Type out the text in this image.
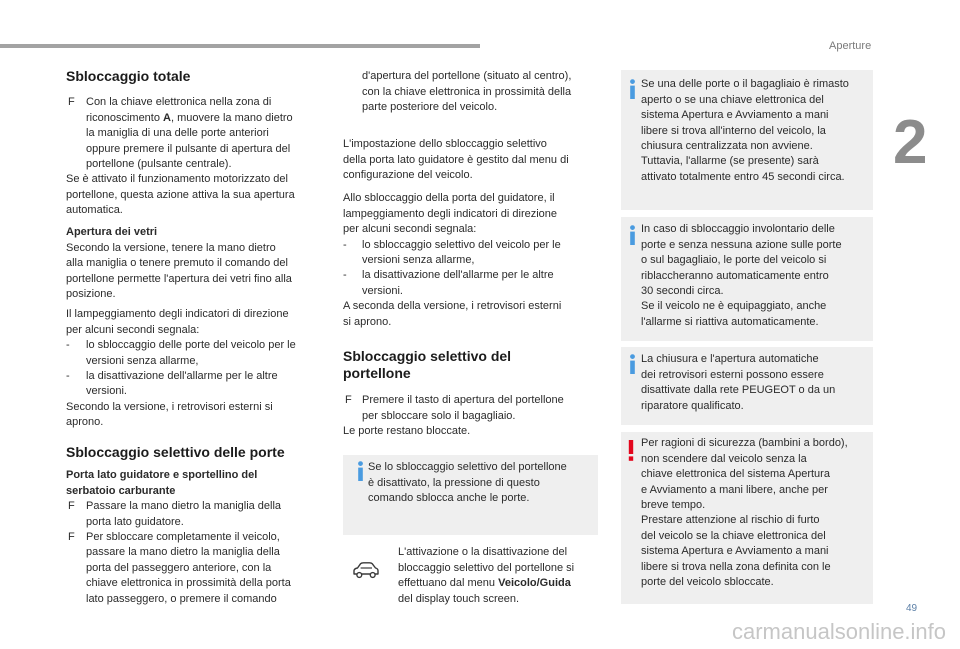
Aperture
2
Sbloccaggio totale
F Con la chiave elettronica nella zona di
riconoscimento A, muovere la mano dietro
la maniglia di una delle porte anteriori
oppure premere il pulsante di apertura del
portellone (pulsante centrale).
Se è attivato il funzionamento motorizzato del
portellone, questa azione attiva la sua apertura
automatica.
Apertura dei vetri
Secondo la versione, tenere la mano dietro
alla maniglia o tenere premuto il comando del
portellone permette l'apertura dei vetri fino alla
posizione.
Il lampeggiamento degli indicatori di direzione
per alcuni secondi segnala:
- lo sbloccaggio delle porte del veicolo per le
versioni senza allarme,
- la disattivazione dell'allarme per le altre
versioni.
Secondo la versione, i retrovisori esterni si
aprono.
Sbloccaggio selettivo delle porte
Porta lato guidatore e sportellino del
serbatoio carburante
F Passare la mano dietro la maniglia della
porta lato guidatore.
F Per sbloccare completamente il veicolo,
passare la mano dietro la maniglia della
porta del passeggero anteriore, con la
chiave elettronica in prossimità della porta
lato passeggero, o premere il comando
d'apertura del portellone (situato al centro),
con la chiave elettronica in prossimità della
parte posteriore del veicolo.
L'impostazione dello sbloccaggio selettivo
della porta lato guidatore è gestito dal menu di
configurazione del veicolo.
Allo sbloccaggio della porta del guidatore, il
lampeggiamento degli indicatori di direzione
per alcuni secondi segnala:
- lo sbloccaggio selettivo del veicolo per le
versioni senza allarme,
- la disattivazione dell'allarme per le altre
versioni.
A seconda della versione, i retrovisori esterni
si aprono.
Sbloccaggio selettivo del
portellone
F Premere il tasto di apertura del portellone
per sbloccare solo il bagagliaio.
Le porte restano bloccate.
Se lo sbloccaggio selettivo del portellone
è disattivato, la pressione di questo
comando sblocca anche le porte.
L'attivazione o la disattivazione del
bloccaggio selettivo del portellone si
effettuano dal menu Veicolo/Guida
del display touch screen.
Se una delle porte o il bagagliaio è rimasto
aperto o se una chiave elettronica del
sistema Apertura e Avviamento a mani
libere si trova all'interno del veicolo, la
chiusura centralizzata non avviene.
Tuttavia, l'allarme (se presente) sarà
attivato totalmente entro 45 secondi circa.
In caso di sbloccaggio involontario delle
porte e senza nessuna azione sulle porte
o sul bagagliaio, le porte del veicolo si
riblaccheranno automaticamente entro
30 secondi circa.
Se il veicolo ne è equipaggiato, anche
l'allarme si riattiva automaticamente.
La chiusura e l'apertura automatiche
dei retrovisori esterni possono essere
disattivate dalla rete PEUGEOT o da un
riparatore qualificato.
Per ragioni di sicurezza (bambini a bordo),
non scendere dal veicolo senza la
chiave elettronica del sistema Apertura
e Avviamento a mani libere, anche per
breve tempo.
Prestare attenzione al rischio di furto
del veicolo se la chiave elettronica del
sistema Apertura e Avviamento a mani
libere si trova nella zona definita con le
porte del veicolo sbloccate.
49
carmanualsonline.info
